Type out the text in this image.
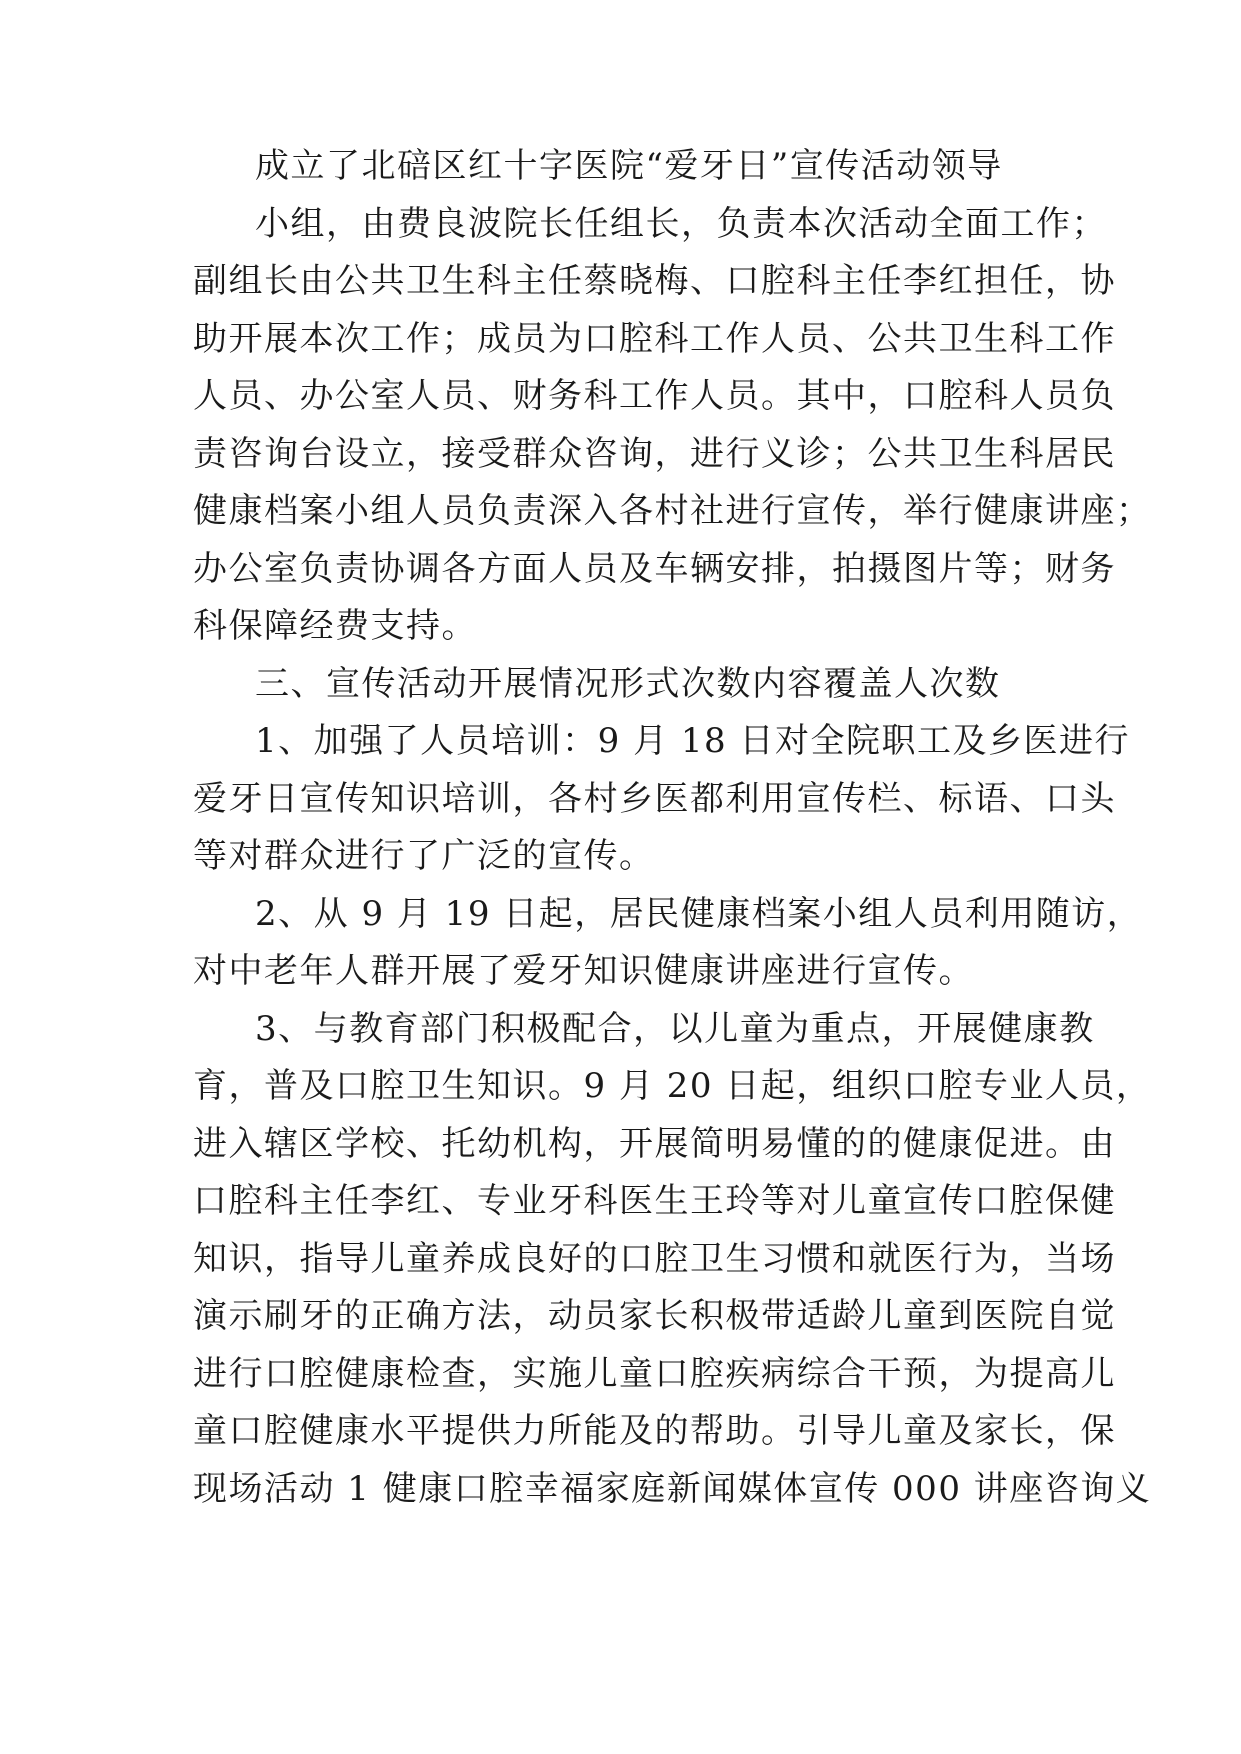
成立了北碚区红十字医院“爱牙日”宣传活动领导
小组，由费良波院长任组长，负责本次活动全面工作；
副组长由公共卫生科主任蔡晓梅、口腔科主任李红担任，协
助开展本次工作；成员为口腔科工作人员、公共卫生科工作
人员、办公室人员、财务科工作人员。其中，口腔科人员负
责咨询台设立，接受群众咨询，进行义诊；公共卫生科居民
健康档案小组人员负责深入各村社进行宣传，举行健康讲座；
办公室负责协调各方面人员及车辆安排，拍摄图片等；财务
科保障经费支持。
三、宣传活动开展情况形式次数内容覆盖人次数
1、加强了人员培训：9 月 18 日对全院职工及乡医进行
爱牙日宣传知识培训，各村乡医都利用宣传栏、标语、口头
等对群众进行了广泛的宣传。
2、从 9 月 19 日起，居民健康档案小组人员利用随访，
对中老年人群开展了爱牙知识健康讲座进行宣传。
3、与教育部门积极配合，以儿童为重点，开展健康教
育，普及口腔卫生知识。9 月 20 日起，组织口腔专业人员，
进入辖区学校、托幼机构，开展简明易懂的的健康促进。由
口腔科主任李红、专业牙科医生王玲等对儿童宣传口腔保健
知识，指导儿童养成良好的口腔卫生习惯和就医行为，当场
演示刷牙的正确方法，动员家长积极带适龄儿童到医院自觉
进行口腔健康检查，实施儿童口腔疾病综合干预，为提高儿
童口腔健康水平提供力所能及的帮助。引导儿童及家长，保
现场活动 1 健康口腔幸福家庭新闻媒体宣传 000 讲座咨询义
